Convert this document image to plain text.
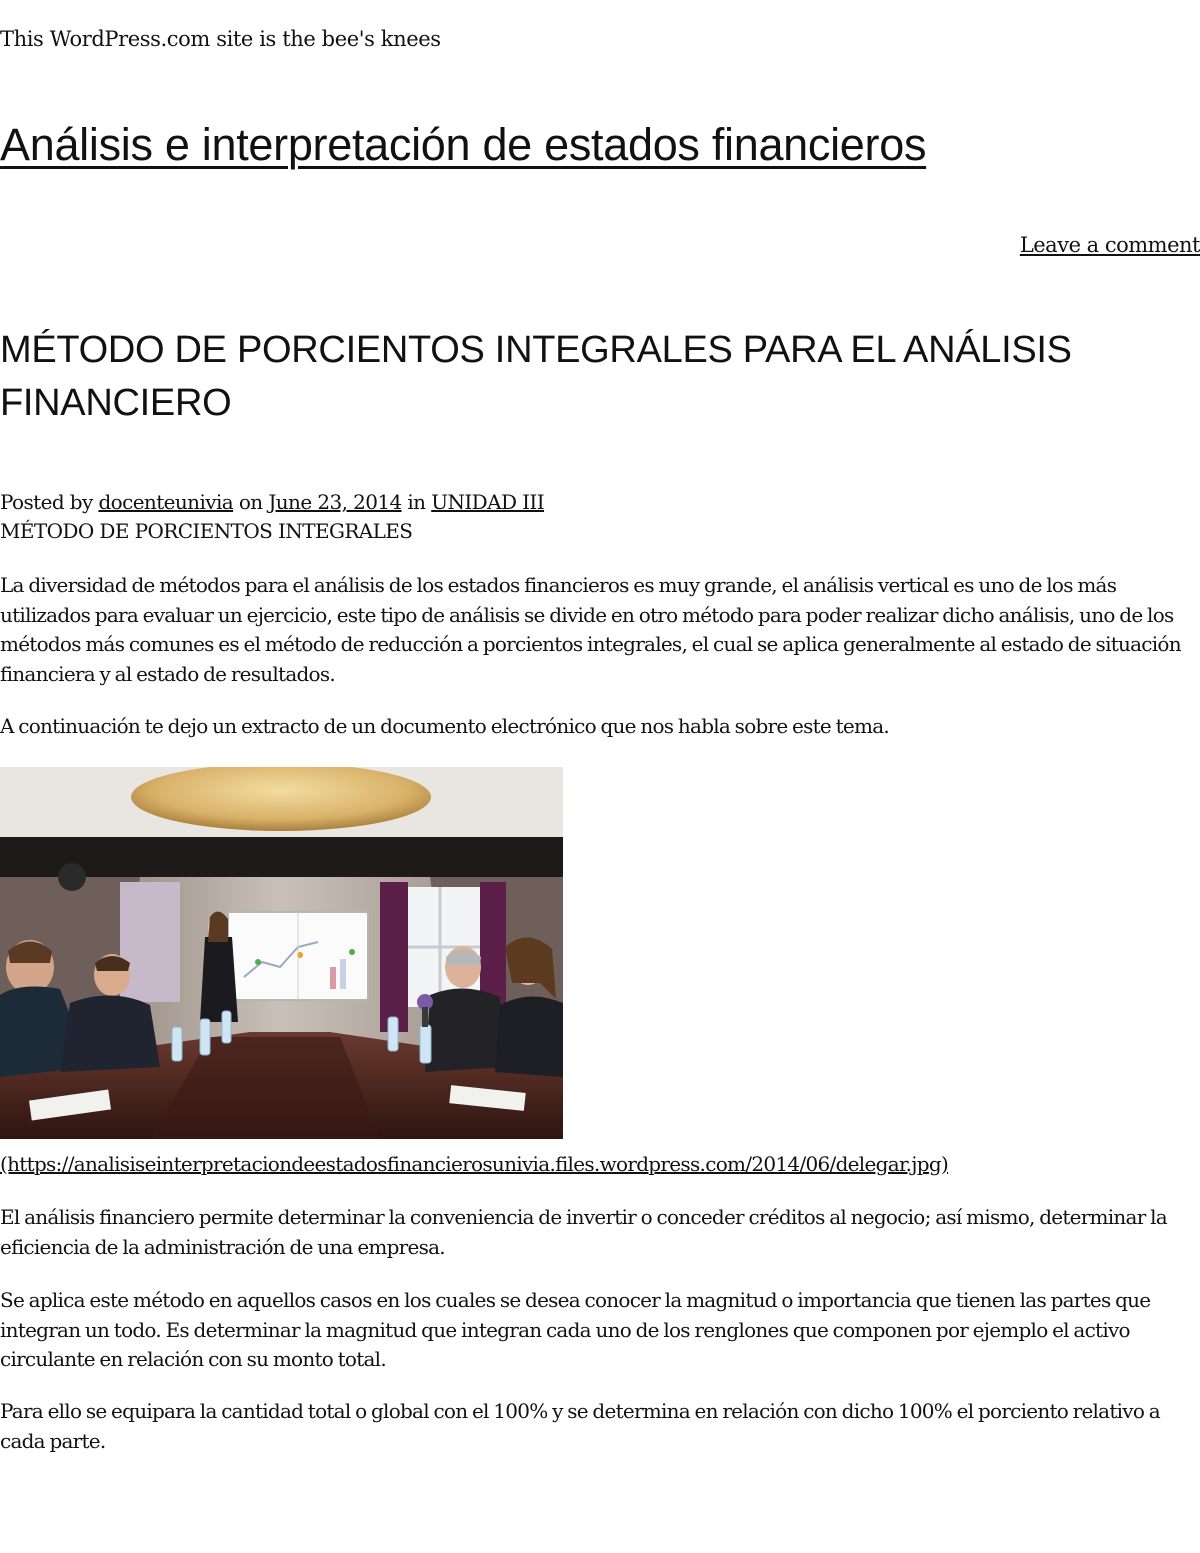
This WordPress.com site is the bee's knees
Análisis e interpretación de estados financieros
Leave a comment
MÉTODO DE PORCIENTOS INTEGRALES PARA EL ANÁLISIS FINANCIERO
Posted by docenteunivia on June 23, 2014 in UNIDAD III
MÉTODO DE PORCIENTOS INTEGRALES

La diversidad de métodos para el análisis de los estados financieros es muy grande, el análisis vertical es uno de los más utilizados para evaluar un ejercicio, este tipo de análisis se divide en otro método para poder realizar dicho análisis, uno de los métodos más comunes es el método de reducción a porcientos integrales, el cual se aplica generalmente al estado de situación financiera y al estado de resultados.

A continuación te dejo un extracto de un documento electrónico que nos habla sobre este tema.

(https://analisiseinterpretaciondeestadosfinancierosunivia.files.wordpress.com/2014/06/delegar.jpg)

El análisis financiero permite determinar la conveniencia de invertir o conceder créditos al negocio; así mismo, determinar la eficiencia de la administración de una empresa.

Se aplica este método en aquellos casos en los cuales se desea conocer la magnitud o importancia que tienen las partes que integran un todo. Es determinar la magnitud que integran cada uno de los renglones que componen por ejemplo el activo circulante en relación con su monto total.

Para ello se equipara la cantidad total o global con el 100% y se determina en relación con dicho 100% el porciento relativo a cada parte.
